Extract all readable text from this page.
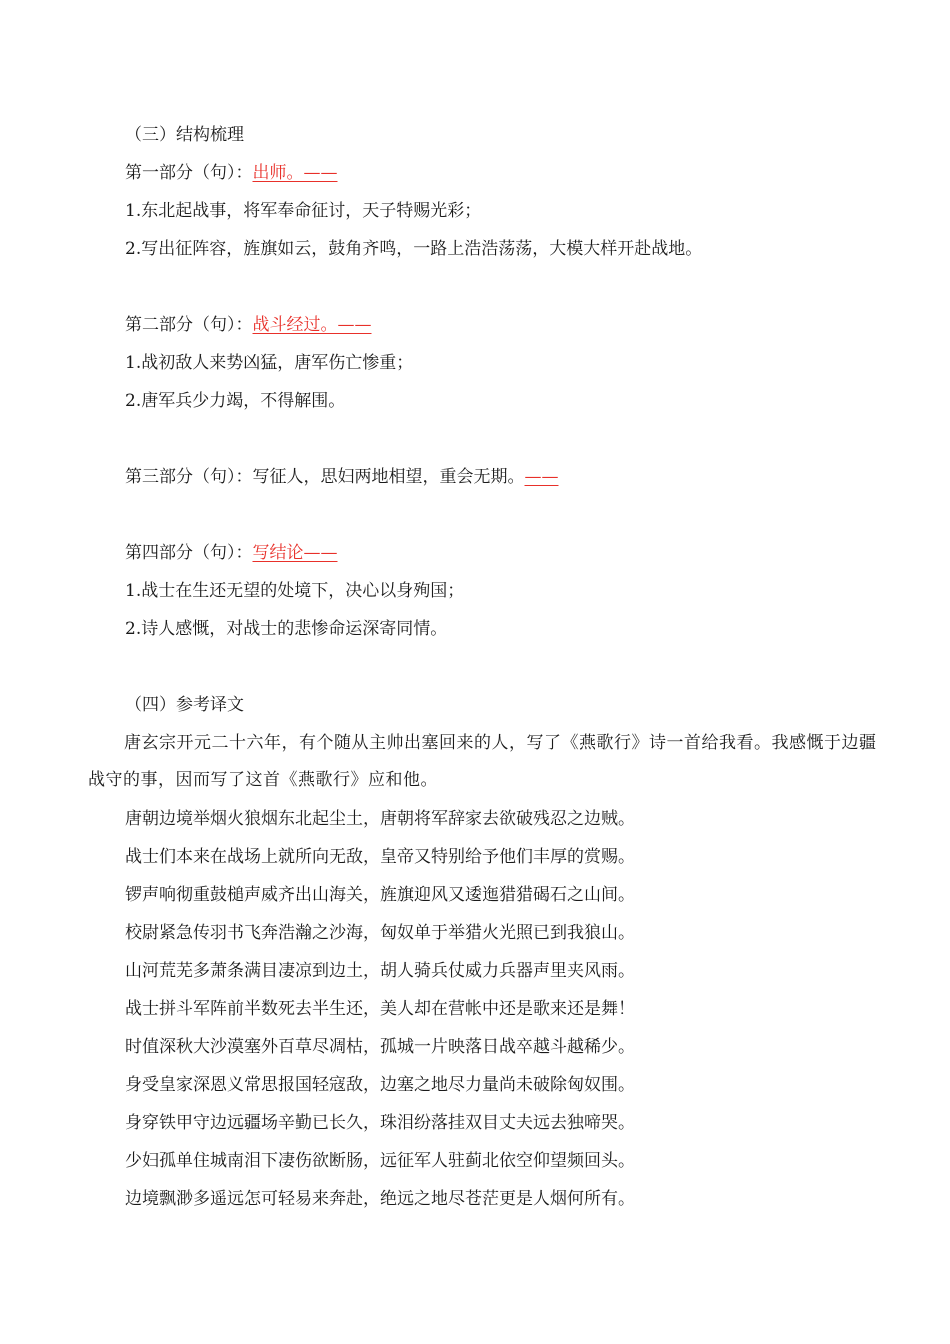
（三）结构梳理
第一部分（句）：出师。——
1.东北起战事，将军奉命征讨，天子特赐光彩；
2.写出征阵容，旌旗如云，鼓角齐鸣，一路上浩浩荡荡，大模大样开赴战地。
第二部分（句）：战斗经过。——
1.战初敌人来势凶猛，唐军伤亡惨重；
2.唐军兵少力竭，不得解围。
第三部分（句）：写征人，思妇两地相望，重会无期。——
第四部分（句）：写结论——
1.战士在生还无望的处境下，决心以身殉国；
2.诗人感慨，对战士的悲惨命运深寄同情。
（四）参考译文
唐玄宗开元二十六年，有个随从主帅出塞回来的人，写了《燕歌行》诗一首给我看。我感慨于边疆战守的事，因而写了这首《燕歌行》应和他。
唐朝边境举烟火狼烟东北起尘土，唐朝将军辞家去欲破残忍之边贼。
战士们本来在战场上就所向无敌，皇帝又特别给予他们丰厚的赏赐。
锣声响彻重鼓槌声威齐出山海关，旌旗迎风又逶迤猎猎碣石之山间。
校尉紧急传羽书飞奔浩瀚之沙海，匈奴单于举猎火光照已到我狼山。
山河荒芜多萧条满目凄凉到边土，胡人骑兵仗威力兵器声里夹风雨。
战士拼斗军阵前半数死去半生还，美人却在营帐中还是歌来还是舞！
时值深秋大沙漠塞外百草尽凋枯，孤城一片映落日战卒越斗越稀少。
身受皇家深恩义常思报国轻寇敌，边塞之地尽力量尚未破除匈奴围。
身穿铁甲守边远疆场辛勤已长久，珠泪纷落挂双目丈夫远去独啼哭。
少妇孤单住城南泪下凄伤欲断肠，远征军人驻蓟北依空仰望频回头。
边境飘渺多遥远怎可轻易来奔赴，绝远之地尽苍茫更是人烟何所有。
